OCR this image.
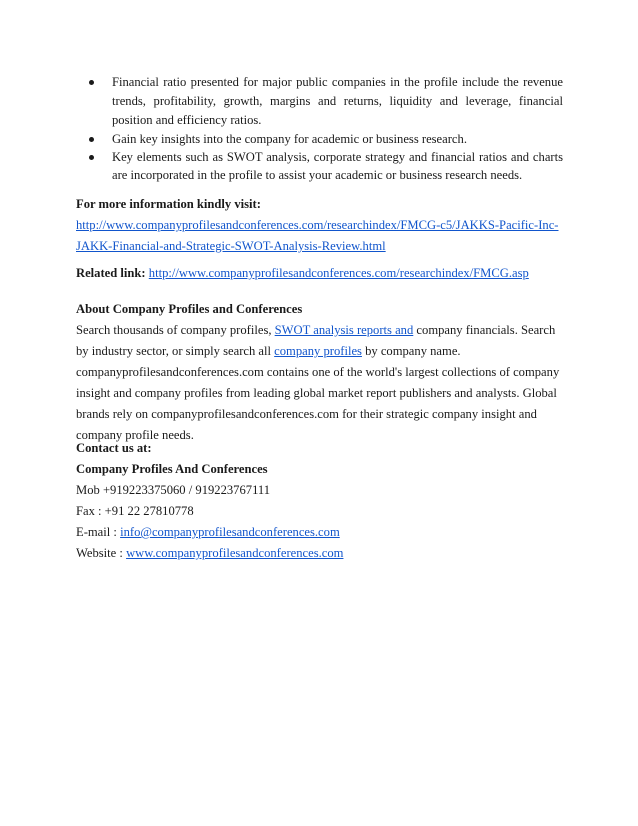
Financial ratio presented for major public companies in the profile include the revenue trends, profitability, growth, margins and returns, liquidity and leverage, financial position and efficiency ratios.
Gain key insights into the company for academic or business research.
Key elements such as SWOT analysis, corporate strategy and financial ratios and charts are incorporated in the profile to assist your academic or business research needs.
For more information kindly visit:
http://www.companyprofilesandconferences.com/researchindex/FMCG-c5/JAKKS-Pacific-Inc-
JAKK-Financial-and-Strategic-SWOT-Analysis-Review.html
Related link: http://www.companyprofilesandconferences.com/researchindex/FMCG.asp
About Company Profiles and Conferences
Search thousands of company profiles, SWOT analysis reports and company financials. Search
by industry sector, or simply search all company profiles by company name.
companyprofilesandconferences.com contains one of the world's largest collections of company
insight and company profiles from leading global market report publishers and analysts. Global
brands rely on companyprofilesandconferences.com for their strategic company insight and
company profile needs.
Contact us at:
Company Profiles And Conferences
Mob +919223375060 / 919223767111
Fax : +91 22 27810778
E-mail : info@companyprofilesandconferences.com
Website : www.companyprofilesandconferences.com
